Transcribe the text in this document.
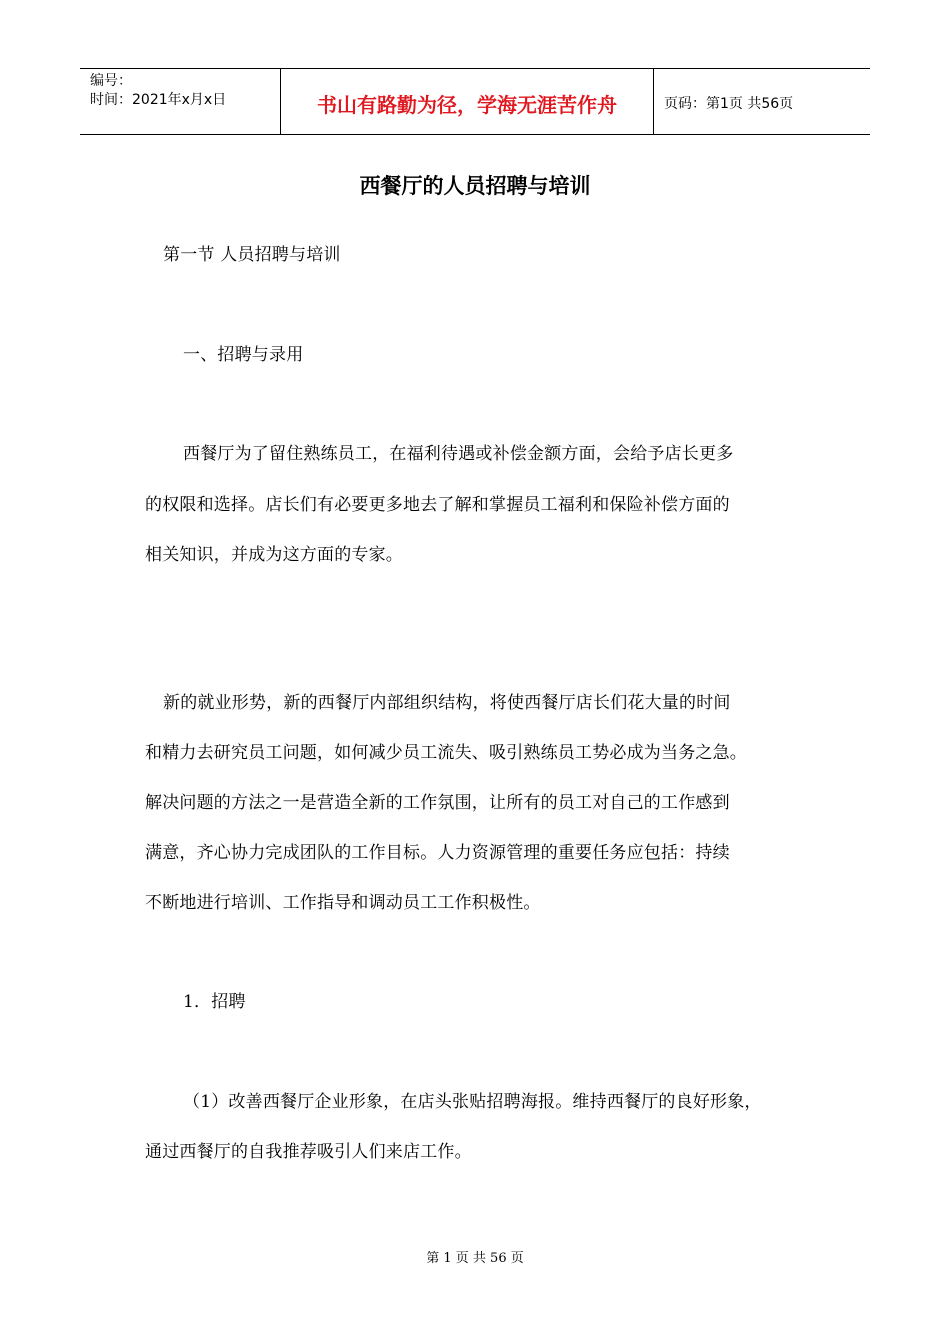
编号：
时间：2021年x月x日	书山有路勤为径，学海无涯苦作舟	页码：第1页 共56页
西餐厅的人员招聘与培训
第一节 人员招聘与培训
一、招聘与录用
西餐厅为了留住熟练员工，在福利待遇或补偿金额方面，会给予店长更多
的权限和选择。店长们有必要更多地去了解和掌握员工福利和保险补偿方面的
相关知识，并成为这方面的专家。
新的就业形势，新的西餐厅内部组织结构，将使西餐厅店长们花大量的时间
和精力去研究员工问题，如何减少员工流失、吸引熟练员工势必成为当务之急。
解决问题的方法之一是营造全新的工作氛围，让所有的员工对自己的工作感到
满意，齐心协力完成团队的工作目标。人力资源管理的重要任务应包括：持续
不断地进行培训、工作指导和调动员工工作积极性。
1．招聘
（1）改善西餐厅企业形象，在店头张贴招聘海报。维持西餐厅的良好形象，
通过西餐厅的自我推荐吸引人们来店工作。
第 1 页 共 56 页
